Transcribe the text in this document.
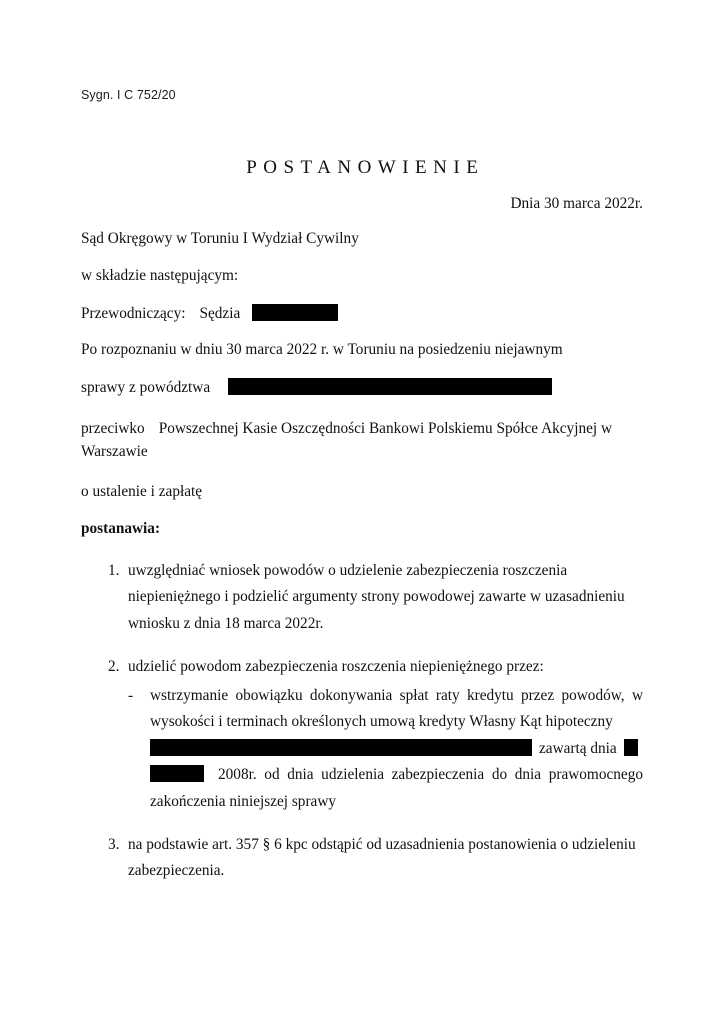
Sygn. I C 752/20
POSTANOWIENIE

Dnia 30 marca 2022r.

Sąd Okręgowy w Toruniu I Wydział Cywilny

w składzie następującym:

Przewodniczący: Sędzia

Po rozpoznaniu w dniu 30 marca 2022 r. w Toruniu na posiedzeniu niejawnym

sprawy z powództwa

przeciwko Powszechnej Kasie Oszczędności Bankowi Polskiemu Spółce Akcyjnej w Warszawie

o ustalenie i zapłatę

postanawia:

1. uwzględniać wniosek powodów o udzielenie zabezpieczenia roszczenia niepieniężnego i podzielić argumenty strony powodowej zawarte w uzasadnieniu wniosku z dnia 18 marca 2022r.
2. udzielić powodom zabezpieczenia roszczenia niepieniężnego przez:
- wstrzymanie obowiązku dokonywania spłat raty kredytu przez powodów, w wysokości i terminach określonych umową kredyty Własny Kąt hipoteczny
zawartą dnia
2008r. od dnia udzielenia zabezpieczenia do dnia prawomocnego zakończenia niniejszej sprawy
3. na podstawie art. 357 § 6 kpc odstąpić od uzasadnienia postanowienia o udzieleniu zabezpieczenia.
